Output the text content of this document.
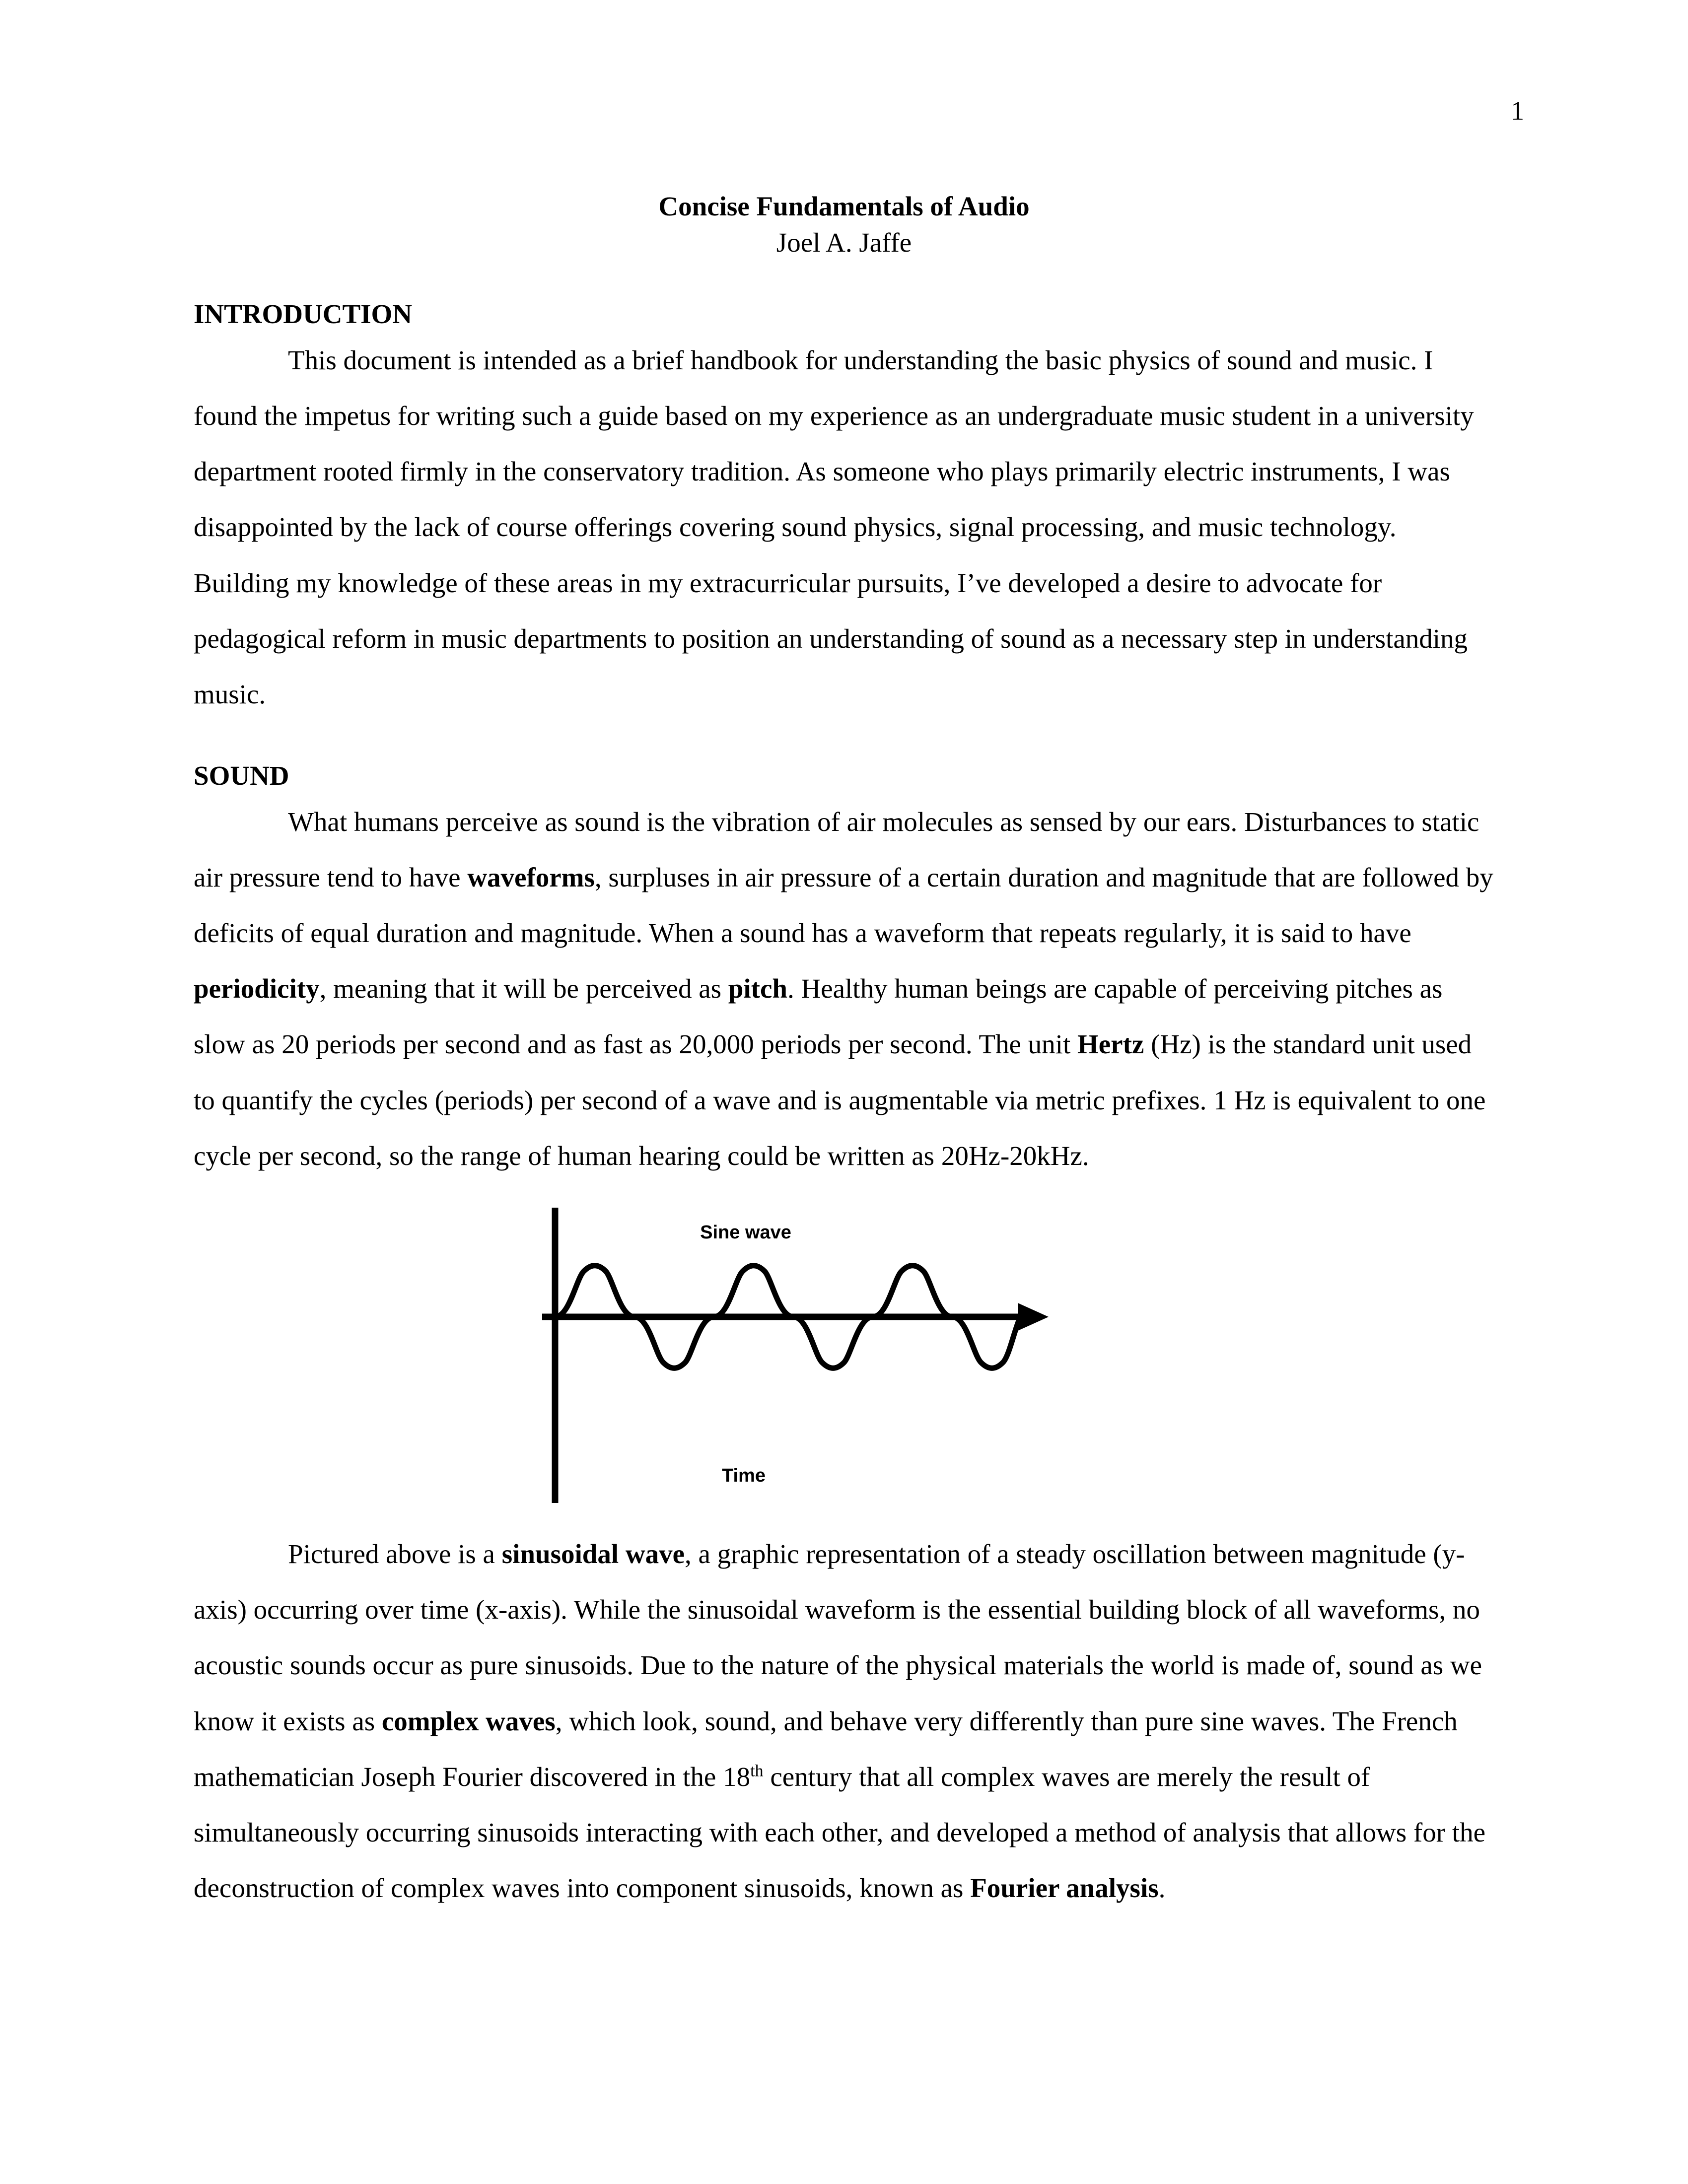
1
Concise Fundamentals of Audio
Joel A. Jaffe
INTRODUCTION

This document is intended as a brief handbook for understanding the basic physics of sound and music. I found the impetus for writing such a guide based on my experience as an undergraduate music student in a university department rooted firmly in the conservatory tradition. As someone who plays primarily electric instruments, I was disappointed by the lack of course offerings covering sound physics, signal processing, and music technology. Building my knowledge of these areas in my extracurricular pursuits, I’ve developed a desire to advocate for pedagogical reform in music departments to position an understanding of sound as a necessary step in understanding music.

SOUND

What humans perceive as sound is the vibration of air molecules as sensed by our ears. Disturbances to static air pressure tend to have waveforms, surpluses in air pressure of a certain duration and magnitude that are followed by deficits of equal duration and magnitude. When a sound has a waveform that repeats regularly, it is said to have periodicity, meaning that it will be perceived as pitch. Healthy human beings are capable of perceiving pitches as slow as 20 periods per second and as fast as 20,000 periods per second. The unit Hertz (Hz) is the standard unit used to quantify the cycles (periods) per second of a wave and is augmentable via metric prefixes. 1 Hz is equivalent to one cycle per second, so the range of human hearing could be written as 20Hz-20kHz.

Sine wave
Time

Pictured above is a sinusoidal wave, a graphic representation of a steady oscillation between magnitude (y-axis) occurring over time (x-axis). While the sinusoidal waveform is the essential building block of all waveforms, no acoustic sounds occur as pure sinusoids. Due to the nature of the physical materials the world is made of, sound as we know it exists as complex waves, which look, sound, and behave very differently than pure sine waves. The French mathematician Joseph Fourier discovered in the 18th century that all complex waves are merely the result of simultaneously occurring sinusoids interacting with each other, and developed a method of analysis that allows for the deconstruction of complex waves into component sinusoids, known as Fourier analysis.
